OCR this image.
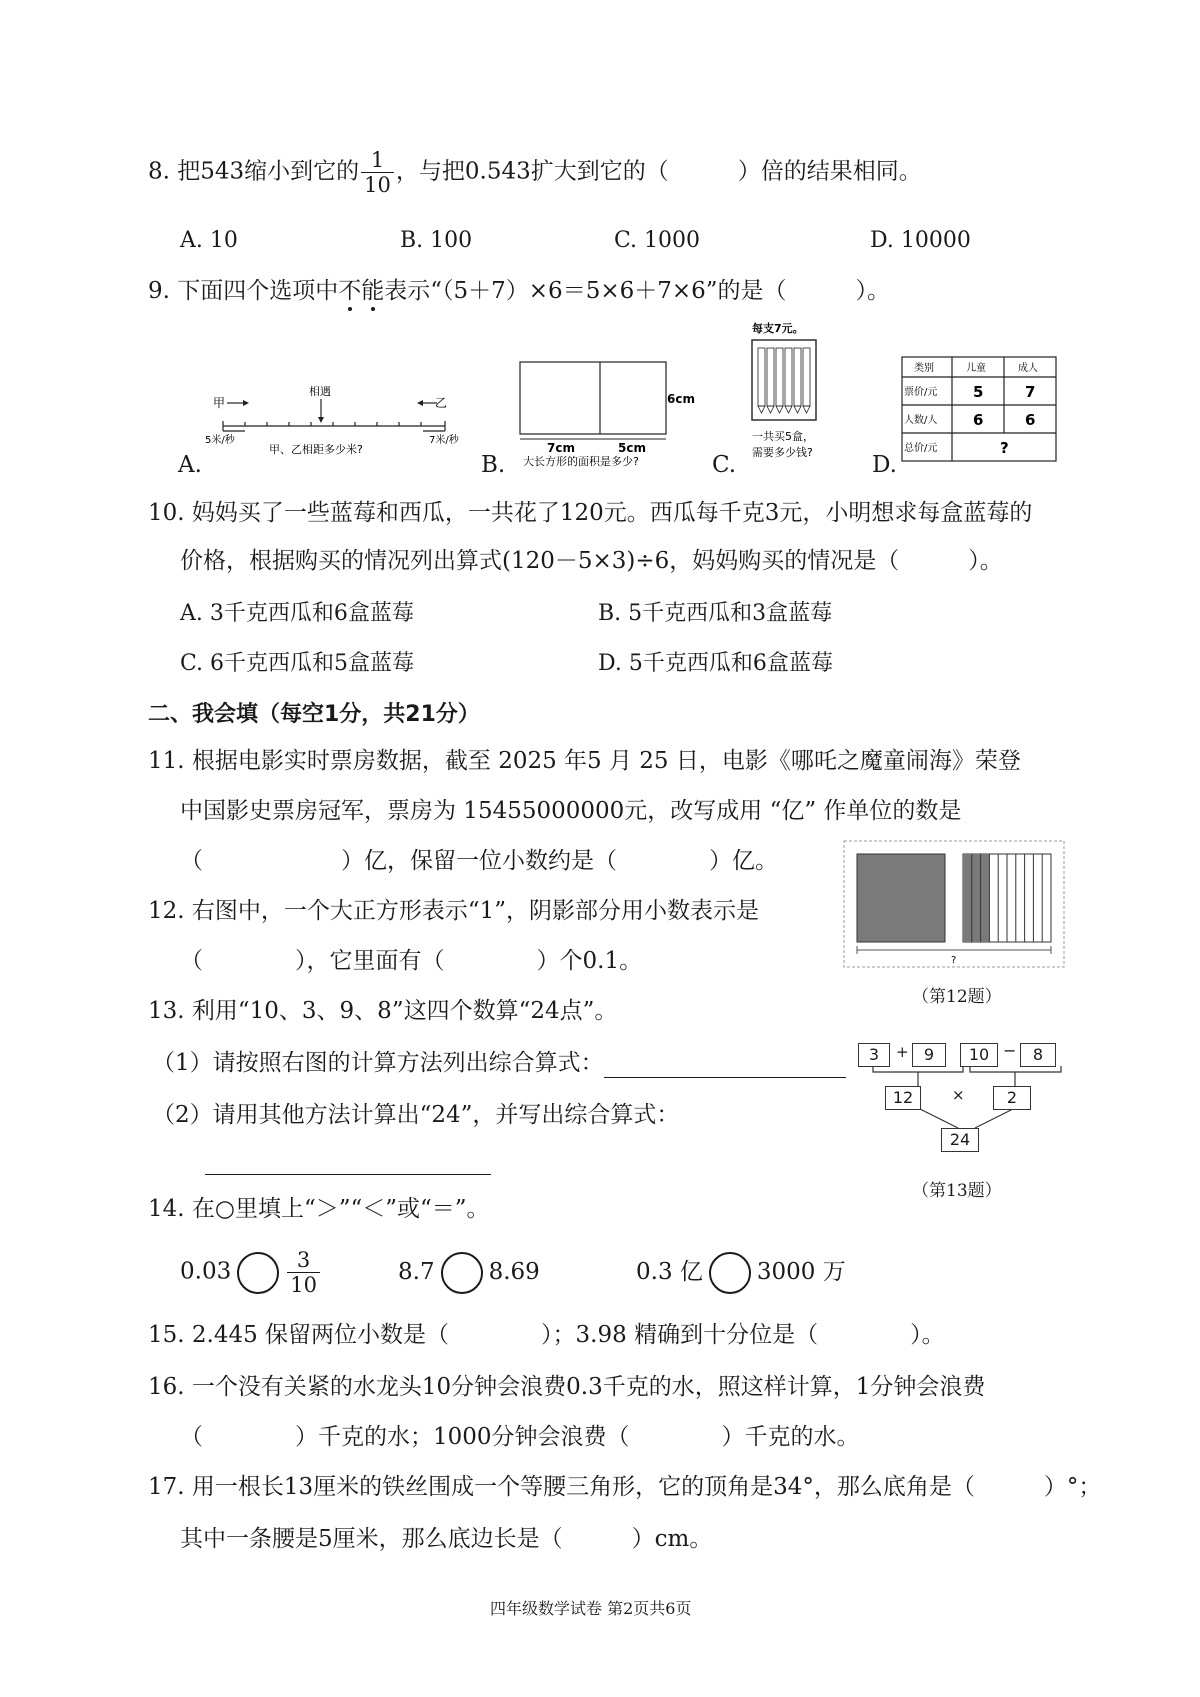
8. 把543缩小到它的 $\frac{1}{10}$ ，与把0.543扩大到它的（　　　）倍的结果相同。
A. 10	B. 100	C. 1000	D. 10000
9. 下面四个选项中不能表示“（5＋7）×6＝5×6＋7×6”的是（　　　）。
A.
甲
相遇
乙
5米/秒	7米/秒
甲、乙相距多少米?
B.
6cm
7cm	5cm
大长方形的面积是多少?	C.
每支7元。
一共买5盒，
需要多少钱?	D.
类别	儿童	成人
票价/元 5	7
人数/人 6	6
总价/元	?
10. 妈妈买了一些蓝莓和西瓜，一共花了120元。西瓜每千克3元，小明想求每盒蓝莓的
价格，根据购买的情况列出算式(120－5×3)÷6，妈妈购买的情况是（　　　）。
A. 3千克西瓜和6盒蓝莓	B. 5千克西瓜和3盒蓝莓
C. 6千克西瓜和5盒蓝莓	D. 5千克西瓜和6盒蓝莓
二、我会填（每空1分，共21分）
11. 根据电影实时票房数据，截至 2025 年5 月 25 日，电影《哪吒之魔童闹海》荣登
中国影史票房冠军，票房为 15455000000元，改写成用 “亿” 作单位的数是
（　　　　　　）亿，保留一位小数约是（　　　　）亿。
12. 右图中，一个大正方形表示“1”，阴影部分用小数表示是
（　　　　），它里面有（　　　　）个0.1。	?
（第12题）
13. 利用“10、3、9、8”这四个数算“24点”。
（1）请按照右图的计算方法列出综合算式：
（2）请用其他方法计算出“24”，并写出综合算式：
3	+ 9	10 −	8
12	×	2
24
（第13题）
14. 在○里填上“＞”“＜”或“＝”。
0.03	$\frac{3}{10}$	8.7 8.69	0.3 亿 3000 万
15. 2.445 保留两位小数是（　　　　）；3.98 精确到十分位是（　　　　）。
16. 一个没有关紧的水龙头10分钟会浪费0.3千克的水，照这样计算，1分钟会浪费
（　　　　）千克的水；1000分钟会浪费（　　　　）千克的水。
17. 用一根长13厘米的铁丝围成一个等腰三角形，它的顶角是34°，那么底角是（　　　）°；
其中一条腰是5厘米，那么底边长是（　　　）cm。
四年级数学试卷 第2页共6页
